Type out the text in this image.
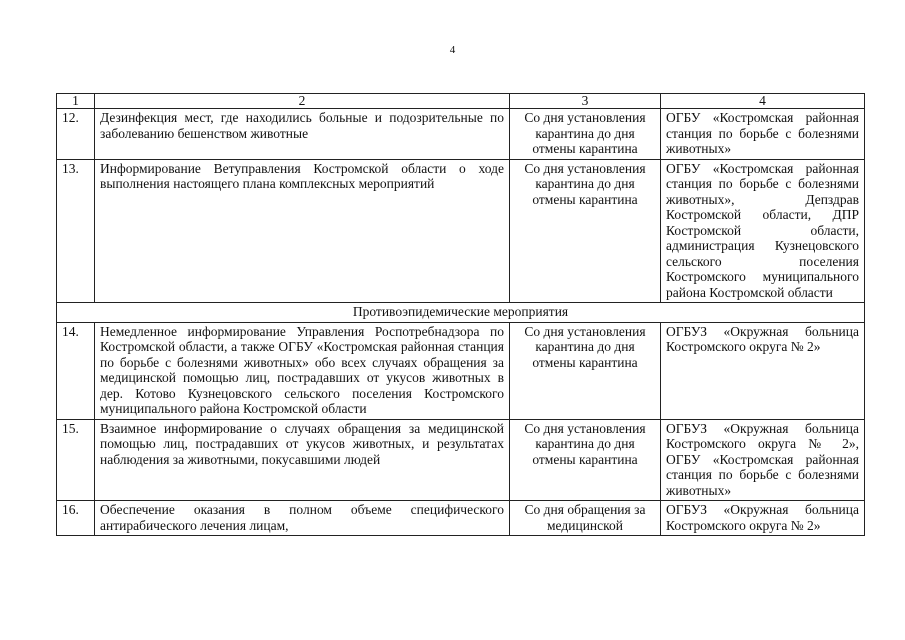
4
1	2	3	4
12.	Дезинфекция мест, где находились больные и подозрительные по заболеванию бешенством животные	Со дня установления карантина до дня отмены карантина	ОГБУ «Костромская районная станция по борьбе с болезнями животных»
13.	Информирование Ветуправления Костромской области о ходе выполнения настоящего плана комплексных мероприятий	Со дня установления карантина до дня отмены карантина	ОГБУ «Костромская районная станция по борьбе с болезнями животных», Депздрав Костромской области, ДПР Костромской области, администрация Кузнецовского сельского поселения Костромского муниципального района Костромской области
Противоэпидемические мероприятия			
14.	Немедленное информирование Управления Роспотребнадзора по Костромской области, а также ОГБУ «Костромская районная станция по борьбе с болезнями животных» обо всех случаях обращения за медицинской помощью лиц, пострадавших от укусов животных в дер. Котово Кузнецовского сельского поселения Костромского муниципального района Костромской области	Со дня установления карантина до дня отмены карантина	ОГБУЗ «Окружная больница Костромского округа № 2»
15.	Взаимное информирование о случаях обращения за медицинской помощью лиц, пострадавших от укусов животных, и результатах наблюдения за животными, покусавшими людей	Со дня установления карантина до дня отмены карантина	ОГБУЗ «Окружная больница Костромского округа № 2», ОГБУ «Костромская районная станция по борьбе с болезнями животных»
16.	Обеспечение оказания в полном объеме специфического антирабического лечения лицам,	Со дня обращения за медицинской	ОГБУЗ «Окружная больница Костромского округа № 2»
